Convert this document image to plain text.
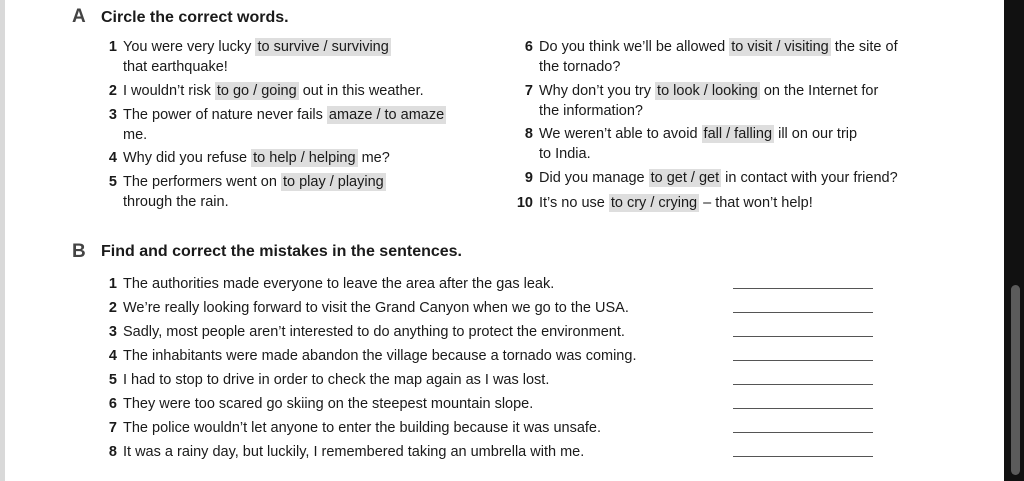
A Circle the correct words.
1 You were very lucky to survive / surviving
that earthquake!
2 I wouldn’t risk to go / going out in this weather.
3 The power of nature never fails amaze / to amaze
me.
4 Why did you refuse to help / helping me?
5 The performers went on to play / playing
through the rain.
6 Do you think we’ll be allowed to visit / visiting the site of
the tornado?
7 Why don’t you try to look / looking on the Internet for
the information?
8 We weren’t able to avoid fall / falling ill on our trip
to India.
9 Did you manage to get / get in contact with your friend?
10 It’s no use to cry / crying – that won’t help!
B Find and correct the mistakes in the sentences.
1 The authorities made everyone to leave the area after the gas leak.
2 We’re really looking forward to visit the Grand Canyon when we go to the USA.
3 Sadly, most people aren’t interested to do anything to protect the environment.
4 The inhabitants were made abandon the village because a tornado was coming.
5 I had to stop to drive in order to check the map again as I was lost.
6 They were too scared go skiing on the steepest mountain slope.
7 The police wouldn’t let anyone to enter the building because it was unsafe.
8 It was a rainy day, but luckily, I remembered taking an umbrella with me.
